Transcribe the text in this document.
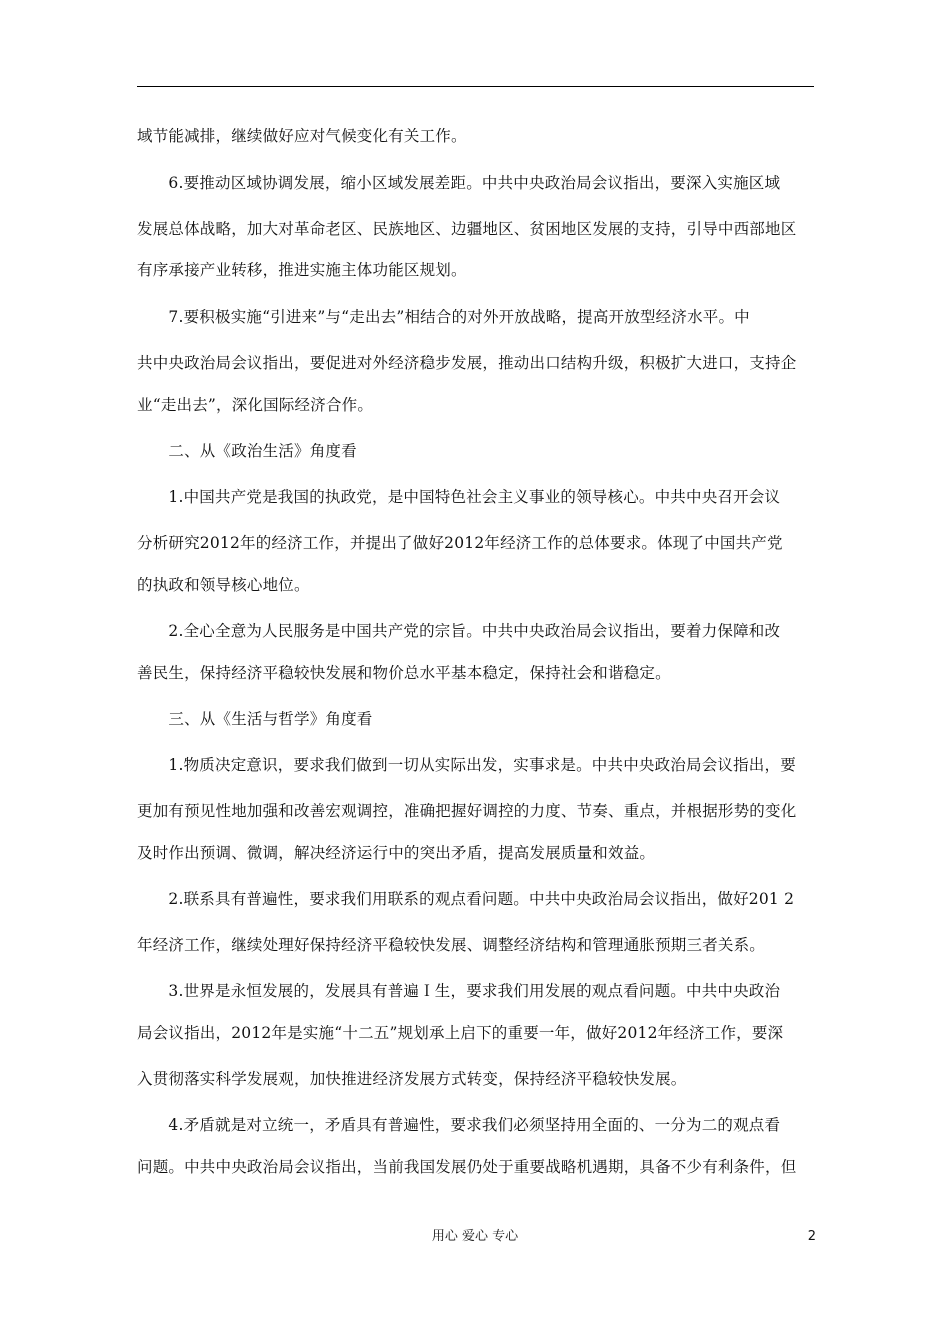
域节能减排，继续做好应对气候变化有关工作。
　　6.要推动区域协调发展，缩小区域发展差距。中共中央政治局会议指出，要深入实施区域
发展总体战略，加大对革命老区、民族地区、边疆地区、贫困地区发展的支持，引导中西部地区
有序承接产业转移，推进实施主体功能区规划。
　　7.要积极实施“引进来”与“走出去”相结合的对外开放战略，提高开放型经济水平。中
共中央政治局会议指出，要促进对外经济稳步发展，推动出口结构升级，积极扩大进口，支持企
业“走出去”，深化国际经济合作。
　　二、从《政治生活》角度看
　　1.中国共产党是我国的执政党，是中国特色社会主义事业的领导核心。中共中央召开会议
分析研究2012年的经济工作，并提出了做好2012年经济工作的总体要求。体现了中国共产党
的执政和领导核心地位。
　　2.全心全意为人民服务是中国共产党的宗旨。中共中央政治局会议指出，要着力保障和改
善民生，保持经济平稳较快发展和物价总水平基本稳定，保持社会和谐稳定。
　　三、从《生活与哲学》角度看
　　1.物质决定意识，要求我们做到一切从实际出发，实事求是。中共中央政治局会议指出，要
更加有预见性地加强和改善宏观调控，准确把握好调控的力度、节奏、重点，并根据形势的变化
及时作出预调、微调，解决经济运行中的突出矛盾，提高发展质量和效益。
　　2.联系具有普遍性，要求我们用联系的观点看问题。中共中央政治局会议指出，做好201 2
年经济工作，继续处理好保持经济平稳较快发展、调整经济结构和管理通胀预期三者关系。
　　3.世界是永恒发展的，发展具有普遍Ｉ生，要求我们用发展的观点看问题。中共中央政治
局会议指出，2012年是实施“十二五”规划承上启下的重要一年，做好2012年经济工作，要深
入贯彻落实科学发展观，加快推进经济发展方式转变，保持经济平稳较快发展。
　　4.矛盾就是对立统一，矛盾具有普遍性，要求我们必须坚持用全面的、一分为二的观点看
问题。中共中央政治局会议指出，当前我国发展仍处于重要战略机遇期，具备不少有利条件，但
用心 爱心 专心	2
